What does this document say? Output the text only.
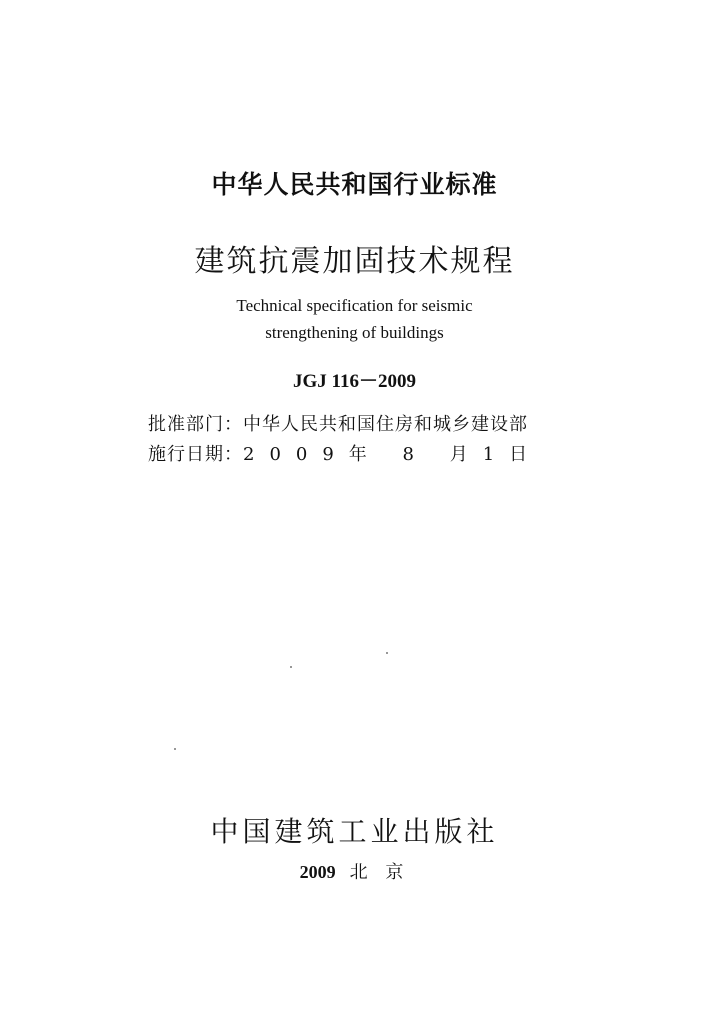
中华人民共和国行业标准
建筑抗震加固技术规程
Technical specification for seismic
strengthening of buildings
JGJ 116－2009
批准部门：中华人民共和国住房和城乡建设部
施行日期：2009年 8 月1日
中国建筑工业出版社
2009 北 京
